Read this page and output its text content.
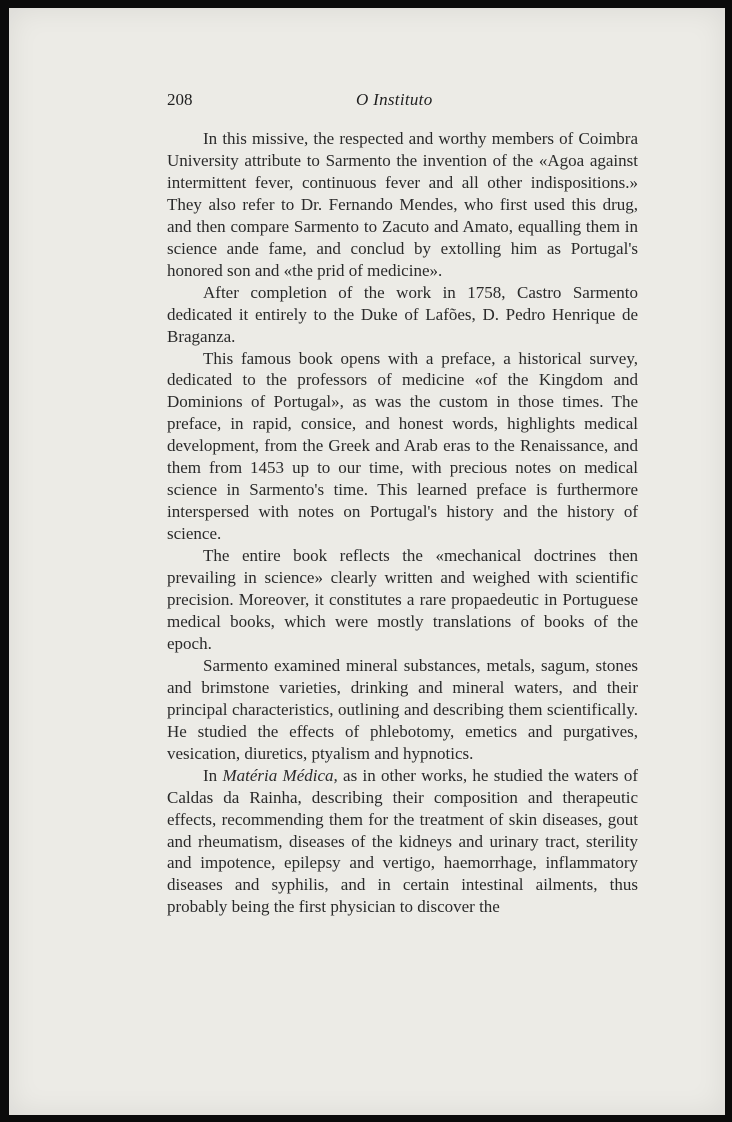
208	O Instituto

In this missive, the respected and worthy members of Coimbra University attribute to Sarmento the invention of the «Agoa against intermittent fever, continuous fever and all other indispositions.» They also refer to Dr. Fernando Mendes, who first used this drug, and then compare Sarmento to Zacuto and Amato, equalling them in science ande fame, and conclud by extolling him as Portugal's honored son and «the prid of medicine».

After completion of the work in 1758, Castro Sarmento dedicated it entirely to the Duke of Lafões, D. Pedro Henrique de Braganza.

This famous book opens with a preface, a historical survey, dedicated to the professors of medicine «of the Kingdom and Dominions of Portugal», as was the custom in those times. The preface, in rapid, consice, and honest words, highlights medical development, from the Greek and Arab eras to the Renaissance, and them from 1453 up to our time, with precious notes on medical science in Sarmento's time. This learned preface is furthermore interspersed with notes on Portugal's history and the history of science.

The entire book reflects the «mechanical doctrines then prevailing in science» clearly written and weighed with scientific precision. Moreover, it constitutes a rare propaedeutic in Portuguese medical books, which were mostly translations of books of the epoch.

Sarmento examined mineral substances, metals, sagum, stones and brimstone varieties, drinking and mineral waters, and their principal characteristics, outlining and describing them scientifically. He studied the effects of phlebotomy, emetics and purgatives, vesication, diuretics, ptyalism and hypnotics.

In Matéria Médica, as in other works, he studied the waters of Caldas da Rainha, describing their composition and therapeutic effects, recommending them for the treatment of skin diseases, gout and rheumatism, diseases of the kidneys and urinary tract, sterility and impotence, epilepsy and vertigo, haemorrhage, inflammatory diseases and syphilis, and in certain intestinal ailments, thus probably being the first physician to discover the
